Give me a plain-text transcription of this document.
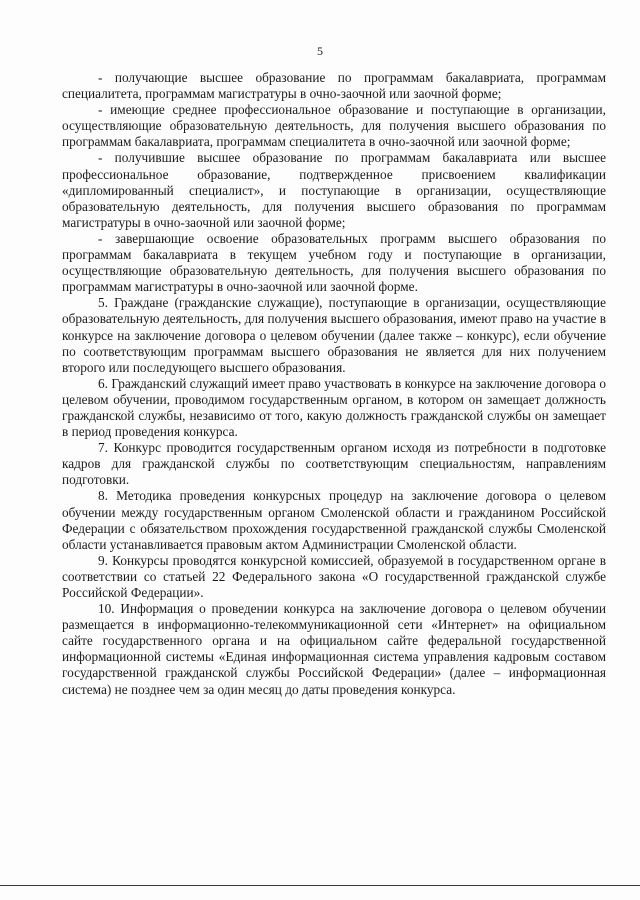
5

- получающие высшее образование по программам бакалавриата, программам специалитета, программам магистратуры в очно-заочной или заочной форме;

- имеющие среднее профессиональное образование и поступающие в организации, осуществляющие образовательную деятельность, для получения высшего образования по программам бакалавриата, программам специалитета в очно-заочной или заочной форме;

- получившие высшее образование по программам бакалавриата или высшее профессиональное образование, подтвержденное присвоением квалификации «дипломированный специалист», и поступающие в организации, осуществляющие образовательную деятельность, для получения высшего образования по программам магистратуры в очно-заочной или заочной форме;

- завершающие освоение образовательных программ высшего образования по программам бакалавриата в текущем учебном году и поступающие в организации, осуществляющие образовательную деятельность, для получения высшего образования по программам магистратуры в очно-заочной или заочной форме.

5. Граждане (гражданские служащие), поступающие в организации, осуществляющие образовательную деятельность, для получения высшего образования, имеют право на участие в конкурсе на заключение договора о целевом обучении (далее также – конкурс), если обучение по соответствующим программам высшего образования не является для них получением второго или последующего высшего образования.

6. Гражданский служащий имеет право участвовать в конкурсе на заключение договора о целевом обучении, проводимом государственным органом, в котором он замещает должность гражданской службы, независимо от того, какую должность гражданской службы он замещает в период проведения конкурса.

7. Конкурс проводится государственным органом исходя из потребности в подготовке кадров для гражданской службы по соответствующим специальностям, направлениям подготовки.

8. Методика проведения конкурсных процедур на заключение договора о целевом обучении между государственным органом Смоленской области и гражданином Российской Федерации с обязательством прохождения государственной гражданской службы Смоленской области устанавливается правовым актом Администрации Смоленской области.

9. Конкурсы проводятся конкурсной комиссией, образуемой в государственном органе в соответствии со статьей 22 Федерального закона «О государственной гражданской службе Российской Федерации».

10. Информация о проведении конкурса на заключение договора о целевом обучении размещается в информационно-телекоммуникационной сети «Интернет» на официальном сайте государственного органа и на официальном сайте федеральной государственной информационной системы «Единая информационная система управления кадровым составом государственной гражданской службы Российской Федерации» (далее – информационная система) не позднее чем за один месяц до даты проведения конкурса.
